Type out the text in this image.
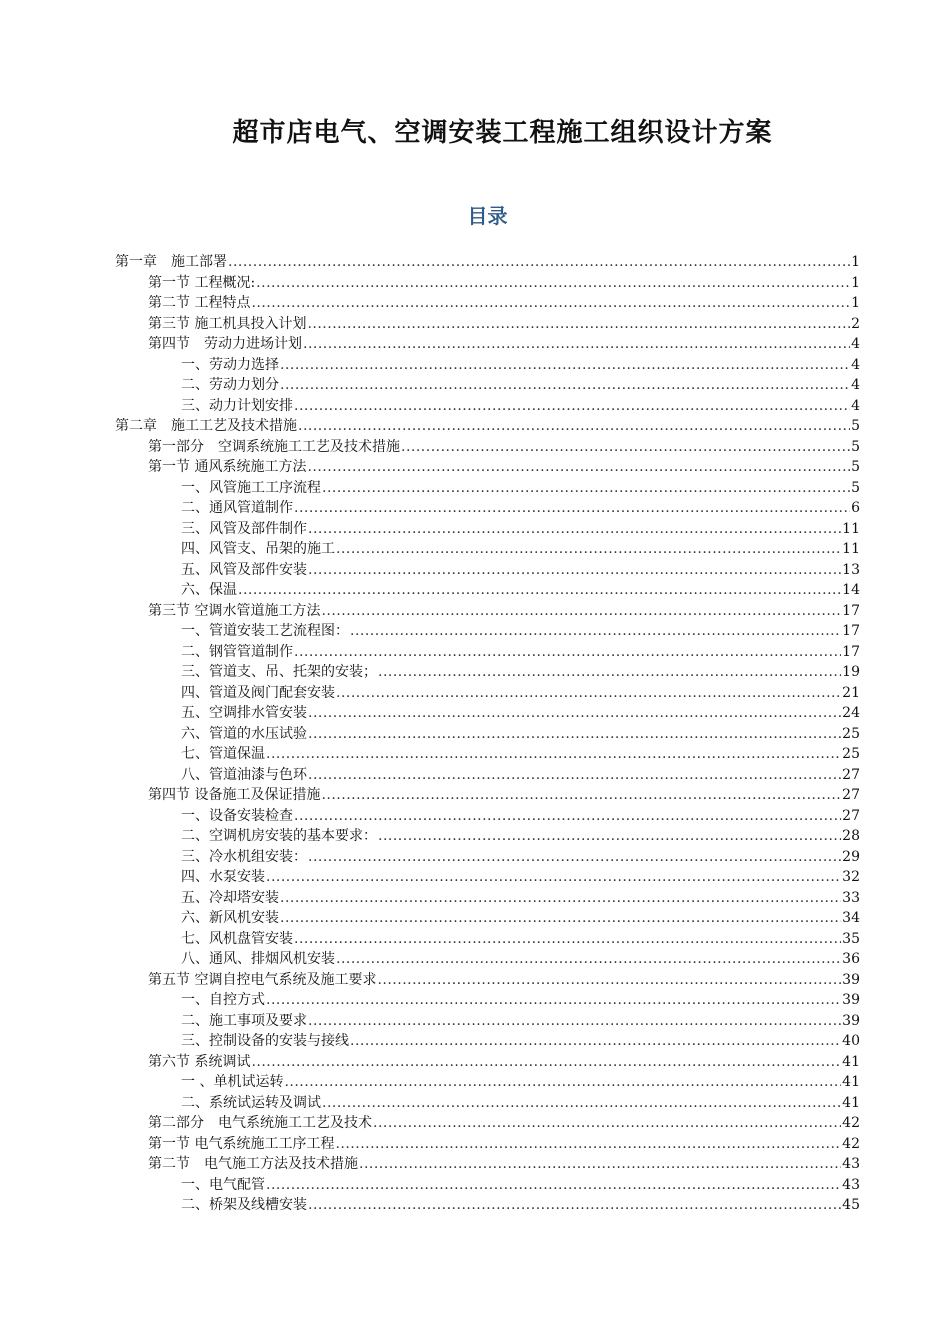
超市店电气、空调安装工程施工组织设计方案
目录
第一章　施工部署 .....	1
第一节 工程概况: .....	1
第二节 工程特点 .....	1
第三节 施工机具投入计划 .....	2
第四节　劳动力进场计划 .....	4
一、劳动力选择 .....	4
二、劳动力划分 .....	4
三、动力计划安排 .....	4
第二章　施工工艺及技术措施 .....	5
第一部分　空调系统施工工艺及技术措施 .....	5
第一节 通风系统施工方法 .....	5
一、风管施工工序流程 .....	5
二、通风管道制作 .....	6
三、风管及部件制作 .....	11
四、风管支、吊架的施工 .....	11
五、风管及部件安装 .....	13
六、保温 .....	14
第三节 空调水管道施工方法 .....	17
一、管道安装工艺流程图： .....	17
二、钢管管道制作 .....	17
三、管道支、吊、托架的安装； .....	19
四、管道及阀门配套安装 .....	21
五、空调排水管安装 .....	24
六、管道的水压试验 .....	25
七、管道保温 .....	25
八、管道油漆与色环 .....	27
第四节 设备施工及保证措施 .....	27
一、设备安装检查 .....	27
二、空调机房安装的基本要求： .....	28
三、冷水机组安装： .....	29
四、水泵安装 .....	32
五、冷却塔安装 .....	33
六、新风机安装 .....	34
七、风机盘管安装 .....	35
八、通风、排烟风机安装 .....	36
第五节 空调自控电气系统及施工要求 .....	39
一、自控方式 .....	39
二、施工事项及要求 .....	39
三、控制设备的安装与接线 .....	40
第六节 系统调试 .....	41
一 、单机试运转 .....	41
二、系统试运转及调试 .....	41
第二部分　电气系统施工工艺及技术 .....	42
第一节 电气系统施工工序工程 .....	42
第二节　电气施工方法及技术措施 .....	43
一、电气配管 .....	43
二、桥架及线槽安装 .....	45
